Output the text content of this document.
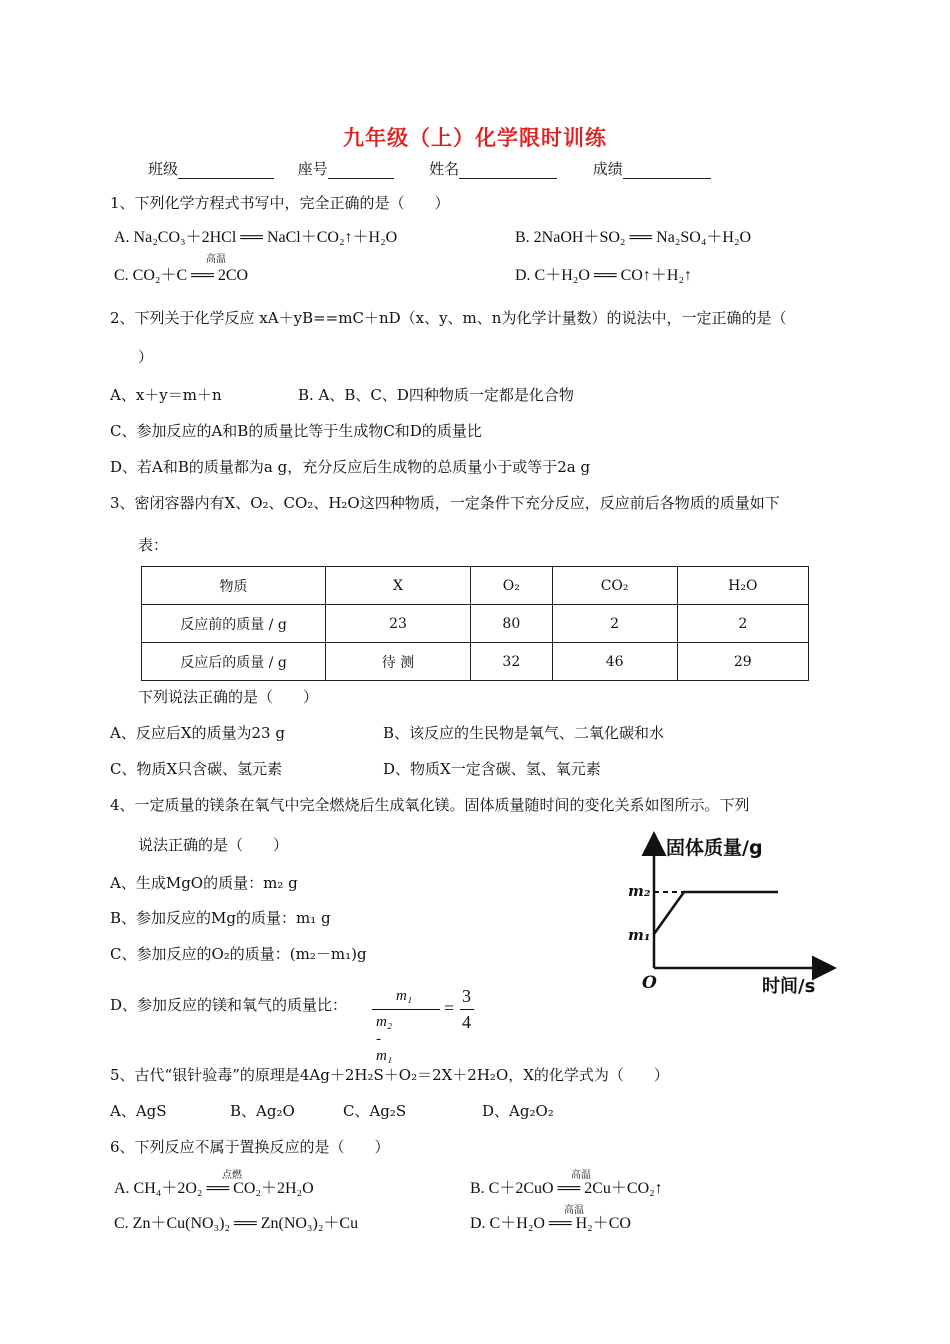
九年级（上）化学限时训练
班级	座号	姓名	成绩
1、下列化学方程式书写中，完全正确的是（　　）
A. Na₂CO₃＋2HCl ══ NaCl＋CO₂↑＋H₂O	B. 2NaOH＋SO₂ ══ Na₂SO₄＋H₂O
C. CO₂＋C ══ 2CO
高温
D. C＋H₂O ══ CO↑＋H₂↑
2、下列关于化学反应 xA＋yB==mC＋nD（x、y、m、n为化学计量数）的说法中，一定正确的是（
）
A、x＋y＝m＋n	B. A、B、C、D四种物质一定都是化合物
C、参加反应的A和B的质量比等于生成物C和D的质量比
D、若A和B的质量都为a g，充分反应后生成物的总质量小于或等于2a g
3、密闭容器内有X、O₂、CO₂、H₂O这四种物质，一定条件下充分反应，反应前后各物质的质量如下
表：
物质	X	O₂	CO₂	H₂O
反应前的质量 / g	23	80	2	2
反应后的质量 / g	待 测	32	46	29
下列说法正确的是（　　）
A、反应后X的质量为23 g	B、该反应的生民物是氧气、二氧化碳和水
C、物质X只含碳、氢元素	D、物质X一定含碳、氢、氧元素
4、一定质量的镁条在氧气中完全燃烧后生成氧化镁。固体质量随时间的变化关系如图所示。下列
说法正确的是（　　）
A、生成MgO的质量：m₂ g
B、参加反应的Mg的质量：m₁ g
C、参加反应的O₂的质量：(m₂－m₁)g
D、参加反应的镁和氧气的质量比：	m₁
m₂ - m₁
=
3
4
固体质量/g
时间/s
O
m₂
m₁
5、古代“银针验毒”的原理是4Ag＋2H₂S＋O₂＝2X＋2H₂O，X的化学式为（　　）
A、AgS	B、Ag₂O	C、Ag₂S	D、Ag₂O₂
6、下列反应不属于置换反应的是（　　）
A. CH₄＋2O₂ ══ CO₂＋2H₂O
点燃
B. C＋2CuO ══ 2Cu＋CO₂↑
高温
C. Zn＋Cu(NO₃)₂ ══ Zn(NO₃)₂＋Cu	D. C＋H₂O ══ H₂＋CO
高温
